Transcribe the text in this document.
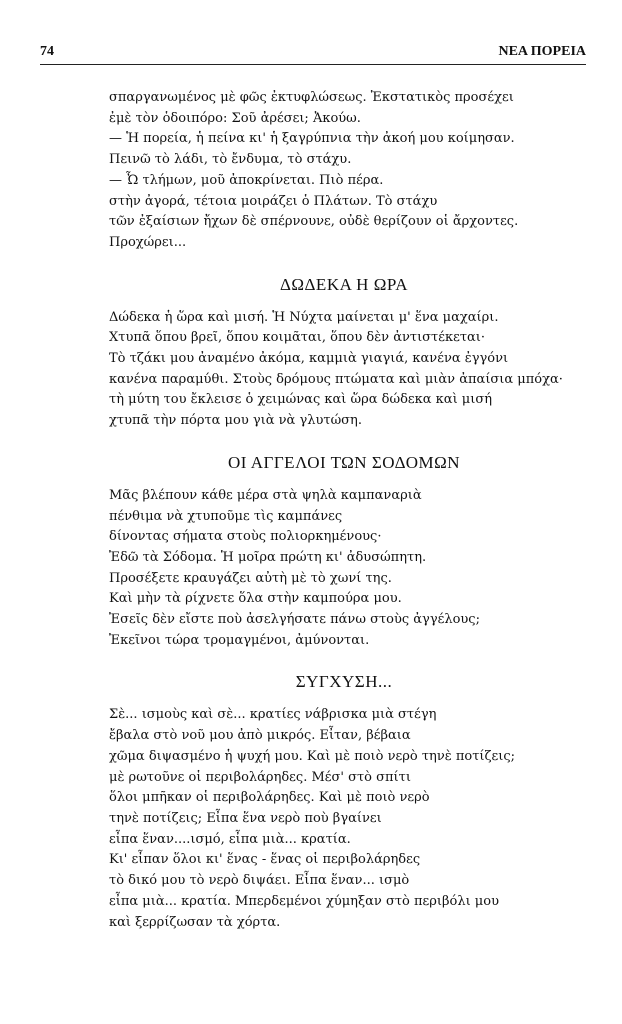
74	ΝΕΑ ΠΟΡΕΙΑ
σπαργανωμένος μὲ φῶς ἐκτυφλώσεως. Ἐκστατικὸς προσέχει
ἐμὲ τὸν ὁδοιπόρο: Σοῦ ἀρέσει; Ἀκούω.
— Ἡ πορεία, ἡ πείνα κι' ἡ ξαγρύπνια τὴν ἀκοή μου κοίμησαν.
Πεινῶ τὸ λάδι, τὸ ἔνδυμα, τὸ στάχυ.
— Ὦ τλήμων, μοῦ ἀποκρίνεται. Πιὸ πέρα.
στὴν ἀγορά, τέτοια μοιράζει ὁ Πλάτων. Τὸ στάχυ
τῶν ἐξαίσιων ἤχων δὲ σπέρνουνε, οὐδὲ θερίζουν οἱ ἄρχοντες.
Προχώρει...
ΔΩΔΕΚΑ Η ΩΡΑ
Δώδεκα ἡ ὥρα καὶ μισή. Ἡ Νύχτα μαίνεται μ' ἕνα μαχαίρι.
Χτυπᾶ ὅπου βρεῖ, ὅπου κοιμᾶται, ὅπου δὲν ἀντιστέκεται·
Τὸ τζάκι μου ἀναμένο ἀκόμα, καμμιὰ γιαγιά, κανένα ἐγγόνι
κανένα παραμύθι. Στοὺς δρόμους πτώματα καὶ μιὰν ἀπαίσια μπόχα·
τὴ μύτη του ἔκλεισε ὁ χειμώνας καὶ ὥρα δώδεκα καὶ μισή
χτυπᾶ τὴν πόρτα μου γιὰ νὰ γλυτώση.
ΟΙ ΑΓΓΕΛΟΙ ΤΩΝ ΣΟΔΟΜΩΝ
Μᾶς βλέπουν κάθε μέρα στὰ ψηλὰ καμπαναριὰ
πένθιμα νὰ χτυποῦμε τὶς καμπάνες
δίνοντας σήματα στοὺς πολιορκημένους·
Ἐδῶ τὰ Σόδομα. Ἡ μοῖρα πρώτη κι' ἀδυσώπητη.
Προσέξετε κραυγάζει αὐτὴ μὲ τὸ χωνί της.
Καὶ μὴν τὰ ρίχνετε ὅλα στὴν καμπούρα μου.
Ἐσεῖς δὲν εἴστε ποὺ ἀσελγήσατε πάνω στοὺς ἀγγέλους;
Ἐκεῖνοι τώρα τρομαγμένοι, ἀμύνονται.
ΣΥΓΧΥΣΗ...
Σὲ... ισμοὺς καὶ σὲ... κρατίες νάβρισκα μιὰ στέγη
ἔβαλα στὸ νοῦ μου ἀπὸ μικρός. Εἶταν, βέβαια
χῶμα διψασμένο ἡ ψυχή μου. Καὶ μὲ ποιὸ νερὸ τηνὲ ποτίζεις;
μὲ ρωτοῦνε οἱ περιβολάρηδες. Μέσ' στὸ σπίτι
ὅλοι μπῆκαν οἱ περιβολάρηδες. Καὶ μὲ ποιὸ νερὸ
τηνὲ ποτίζεις; Εἶπα ἕνα νερὸ ποὺ βγαίνει
εἶπα ἕναν....ισμό, εἶπα μιὰ... κρατία.
Κι' εἶπαν ὅλοι κι' ἕνας - ἕνας οἱ περιβολάρηδες
τὸ δικό μου τὸ νερὸ διψάει. Εἶπα ἕναν... ισμὸ
εἶπα μιὰ... κρατία. Μπερδεμένοι χύμηξαν στὸ περιβόλι μου
καὶ ξερρίζωσαν τὰ χόρτα.
